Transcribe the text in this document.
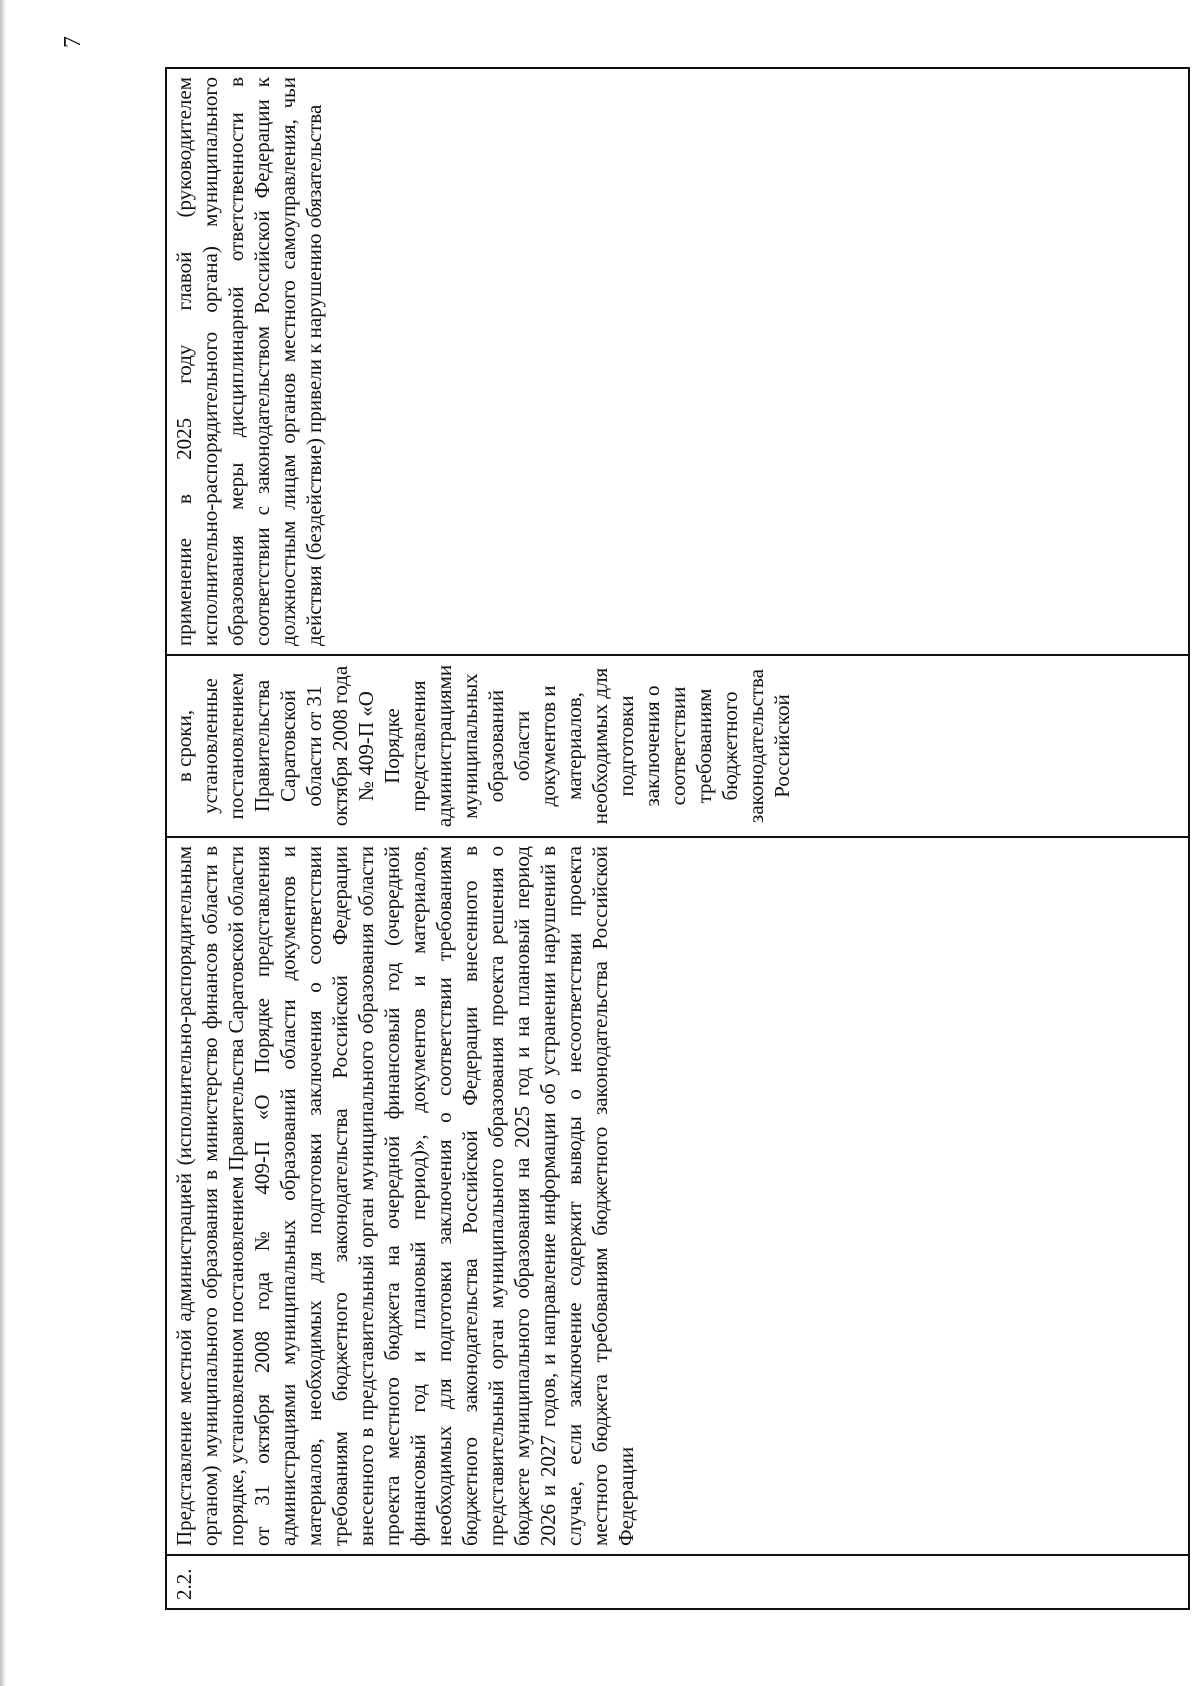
7
2.2.	Представление местной администрацией (исполнительно-распорядительным органом) муниципального образования в министерство финансов области в порядке, установленном постановлением Правительства Саратовской области от 31 октября 2008 года № 409-П «О Порядке представления администрациями муниципальных образований области документов и материалов, необходимых для подготовки заключения о соответствии требованиям бюджетного законодательства Российской Федерации внесенного в представительный орган муниципального образования области проекта местного бюджета на очередной финансовый год (очередной финансовый год и плановый период)», документов и материалов, необходимых для подготовки заключения о соответствии требованиям бюджетного законодательства Российской Федерации внесенного в представительный орган муниципального образования проекта решения о бюджете муниципального образования на 2025 год и на плановый период 2026 и 2027 годов, и направление информации об устранении нарушений в случае, если заключение содержит выводы о несоответствии проекта местного бюджета требованиям бюджетного законодательства Российской Федерации	в сроки, установленные постановлением Правительства Саратовской области от 31 октября 2008 года № 409-П «О Порядке представления администрациями муниципальных образований области документов и материалов, необходимых для подготовки заключения о соответствии требованиям бюджетного законодательства Российской	применение в 2025 году главой (руководителем исполнительно-распорядительного органа) муниципального образования меры дисциплинарной ответственности в соответствии с законодательством Российской Федерации к должностным лицам органов местного самоуправления, чьи действия (бездействие) привели к нарушению обязательства
